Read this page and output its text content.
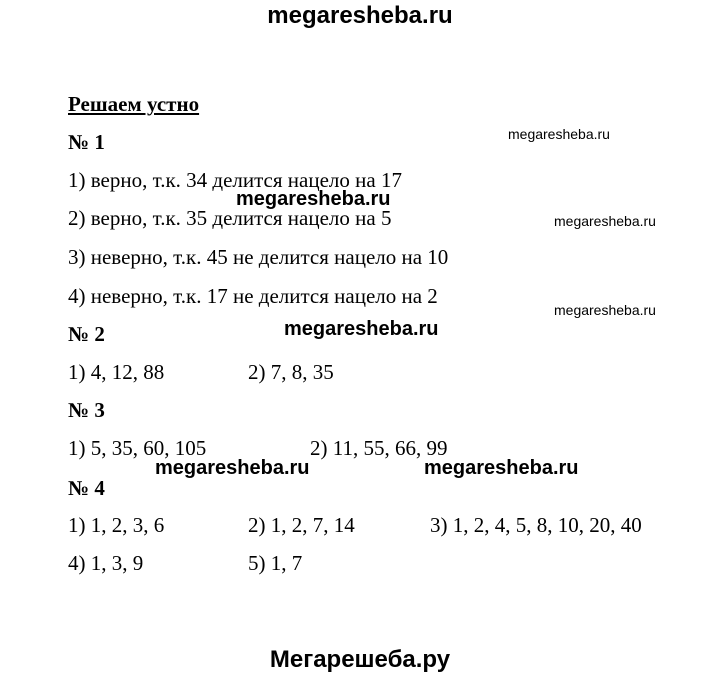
megaresheba.ru
Решаем устно
№ 1
1) верно, т.к. 34 делится нацело на 17
2) верно, т.к. 35 делится нацело на 5
3) неверно, т.к. 45 не делится нацело на 10
4) неверно, т.к. 17 не делится нацело на 2
№ 2
1) 4, 12, 88	2) 7, 8, 35
№ 3
1) 5, 35, 60, 105	2) 11, 55, 66, 99
№ 4
1) 1, 2, 3, 6	2) 1, 2, 7, 14	3) 1, 2, 4, 5, 8, 10, 20, 40
4) 1, 3, 9	5) 1, 7
megaresheba.ru
megaresheba.ru
megaresheba.ru
megaresheba.ru
megaresheba.ru
megaresheba.ru	megaresheba.ru
Мегарешеба.ру
